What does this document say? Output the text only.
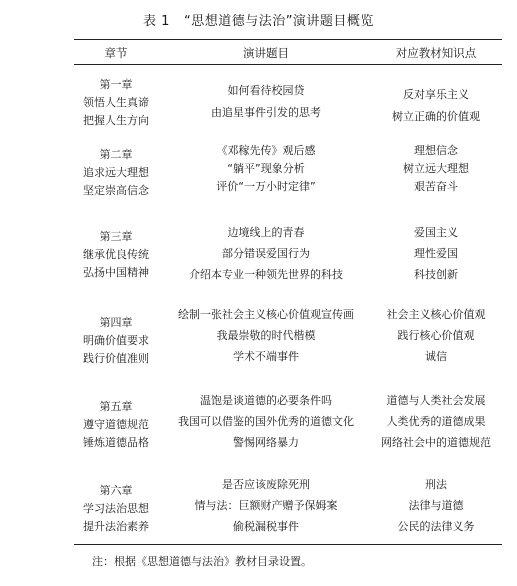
表 1 “思想道德与法治”演讲题目概览
章节	演讲题目	对应教材知识点
第一章
领悟人生真谛
把握人生方向
如何看待校园贷
由追星事件引发的思考
反对享乐主义
树立正确的价值观
第二章
追求远大理想
坚定崇高信念
《邓稼先传》观后感
“躺平”现象分析
评价“一万小时定律”
理想信念
树立远大理想
艰苦奋斗
第三章
继承优良传统
弘扬中国精神
边境线上的青春
部分错误爱国行为
介绍本专业一种领先世界的科技
爱国主义
理性爱国
科技创新
第四章
明确价值要求
践行价值准则
绘制一张社会主义核心价值观宣传画
我最崇敬的时代楷模
学术不端事件
社会主义核心价值观
践行核心价值观
诚信
第五章
遵守道德规范
锤炼道德品格
温饱是谈道德的必要条件吗
我国可以借鉴的国外优秀的道德文化
警惕网络暴力
道德与人类社会发展
人类优秀的道德成果
网络社会中的道德规范
第六章
学习法治思想
提升法治素养
是否应该废除死刑
情与法：巨额财产赠予保姆案
偷税漏税事件
刑法
法律与道德
公民的法律义务
注：根据《思想道德与法治》教材目录设置。
